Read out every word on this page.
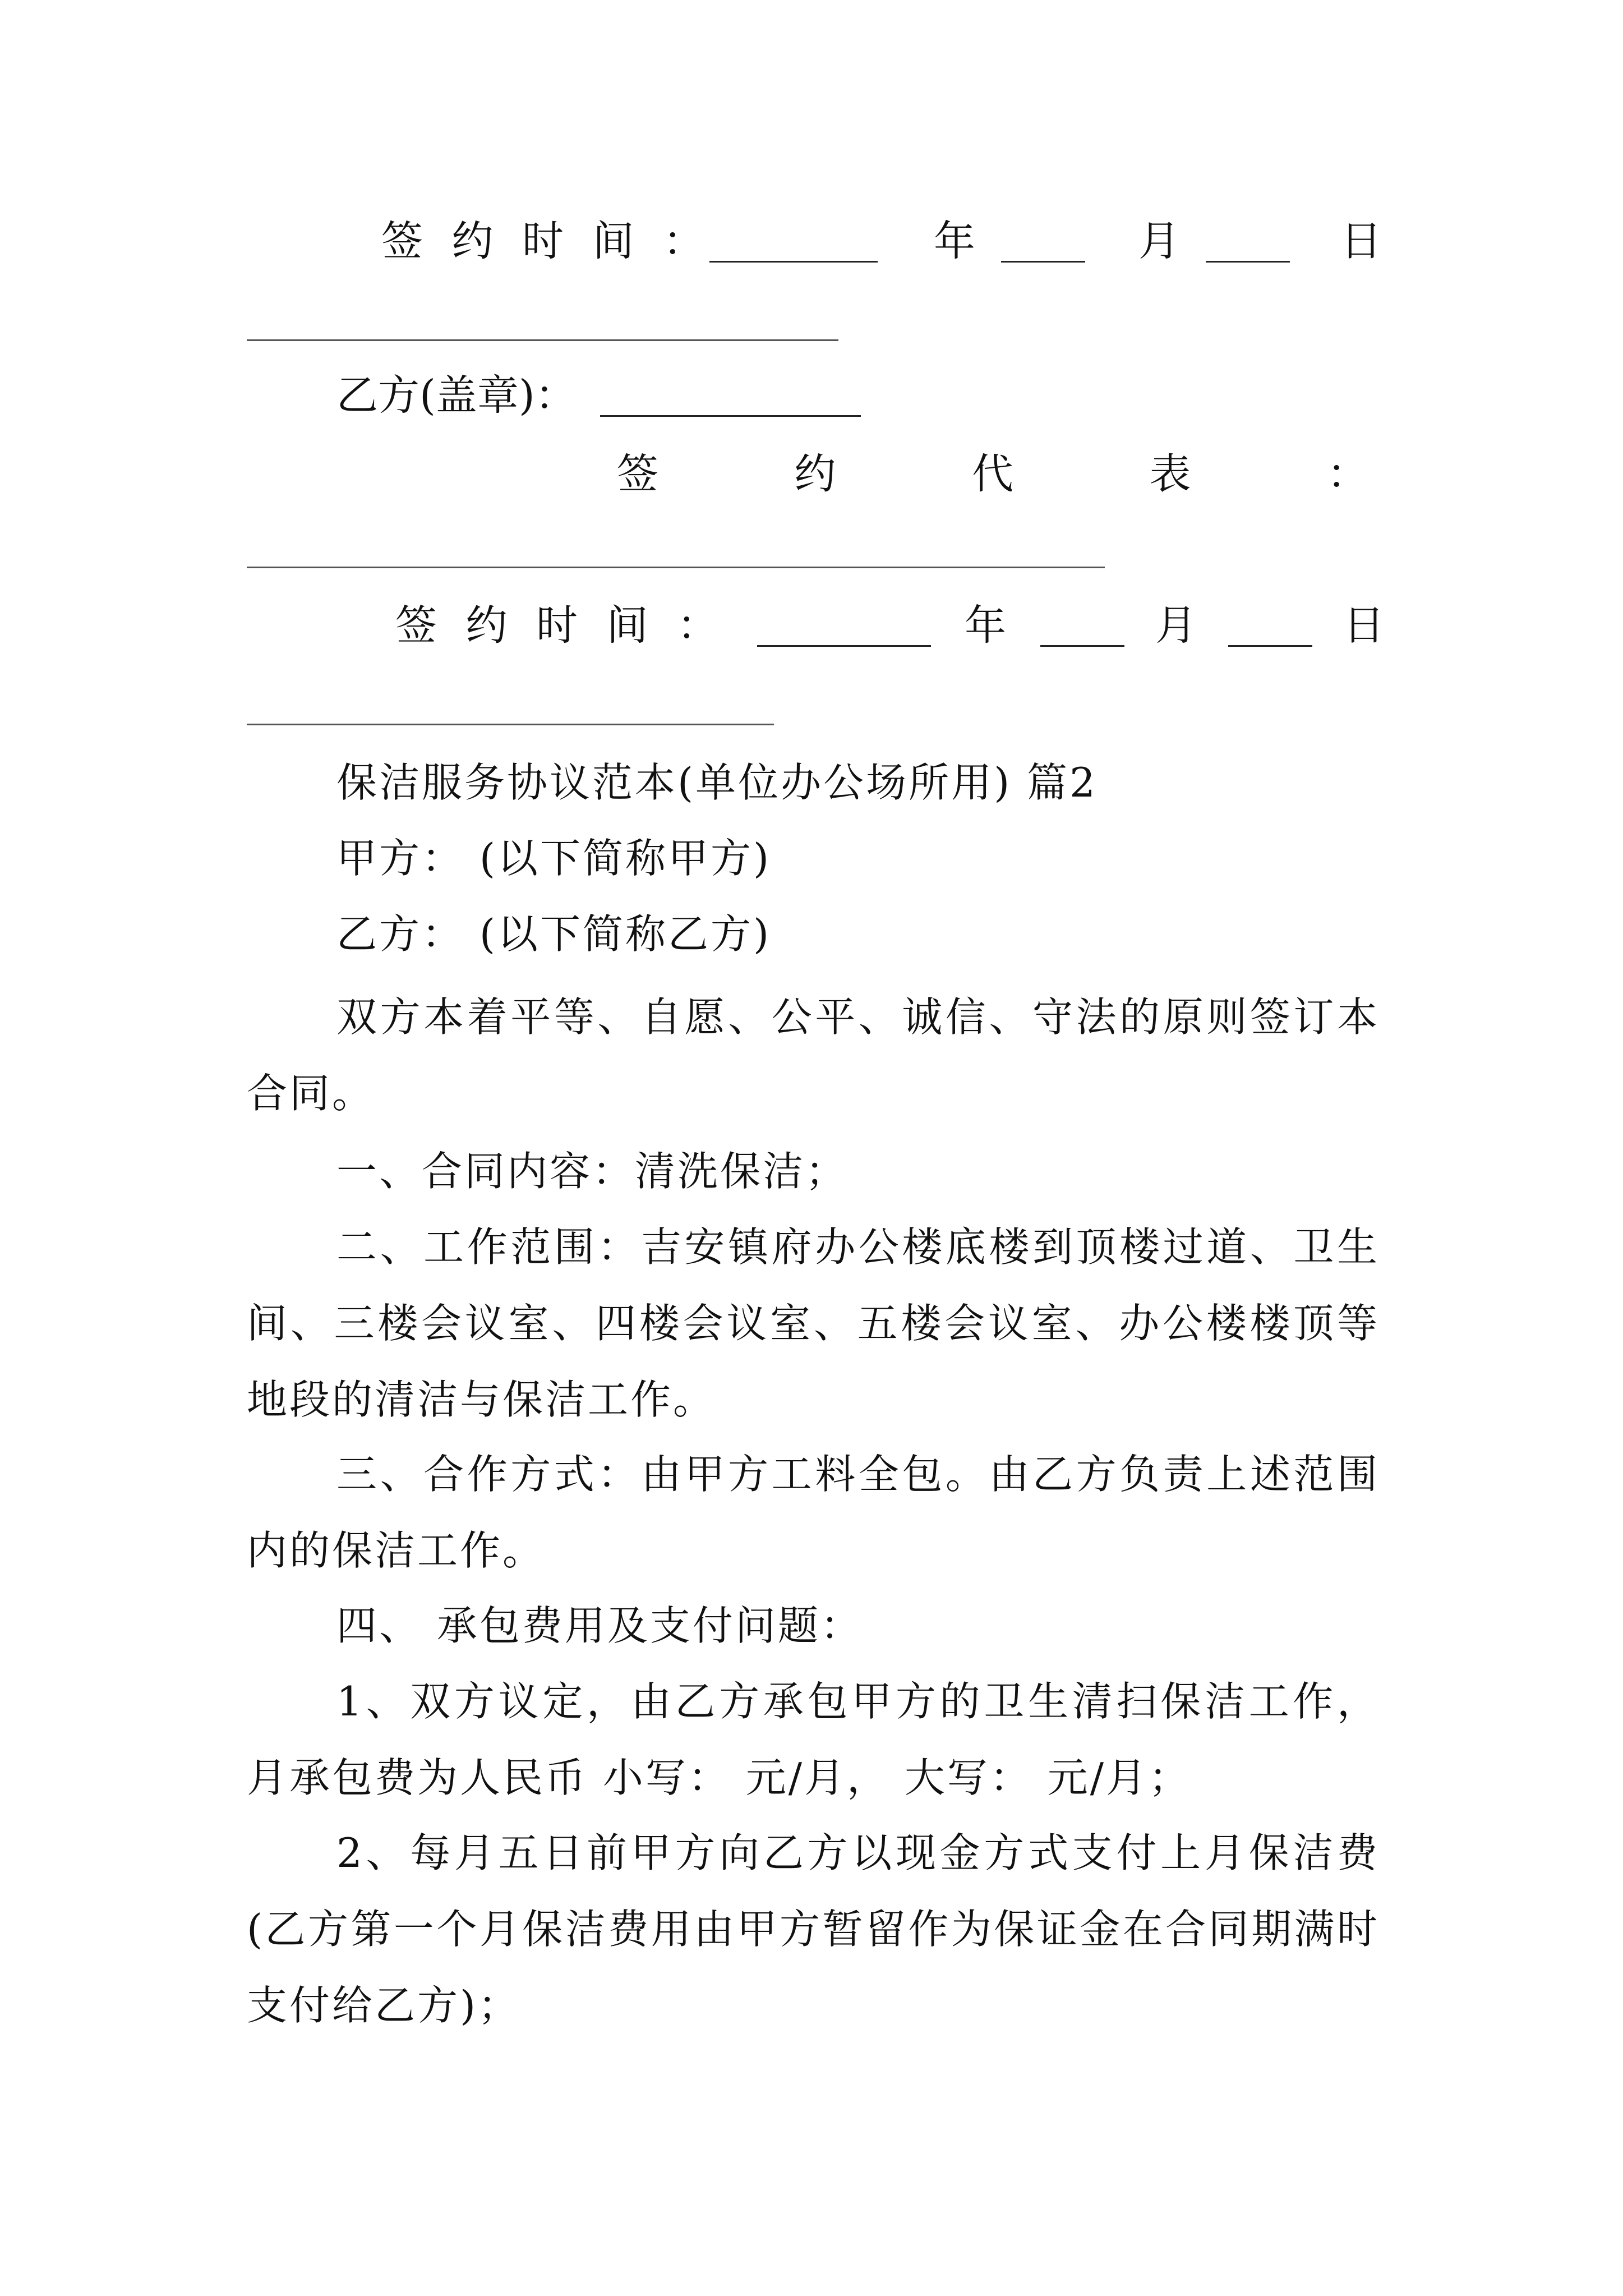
签 约 时 间 ：	年	月	日
乙方(盖章)：
签	约	代	表	：
签 约 时 间 ：	年	月	日
保洁服务协议范本(单位办公场所用) 篇2
甲方： (以下简称甲方)
乙方： (以下简称乙方)
双方本着平等、自愿、公平、诚信、守法的原则签订本合同。
一、合同内容：清洗保洁；
二、工作范围：吉安镇府办公楼底楼到顶楼过道、卫生间、三楼会议室、四楼会议室、五楼会议室、办公楼楼顶等地段的清洁与保洁工作。
三、合作方式：由甲方工料全包。由乙方负责上述范围内的保洁工作。
四、 承包费用及支付问题：
1、双方议定，由乙方承包甲方的卫生清扫保洁工作，月承包费为人民币 小写： 元/月， 大写： 元/月；
2、每月五日前甲方向乙方以现金方式支付上月保洁费(乙方第一个月保洁费用由甲方暂留作为保证金在合同期满时支付给乙方)；
